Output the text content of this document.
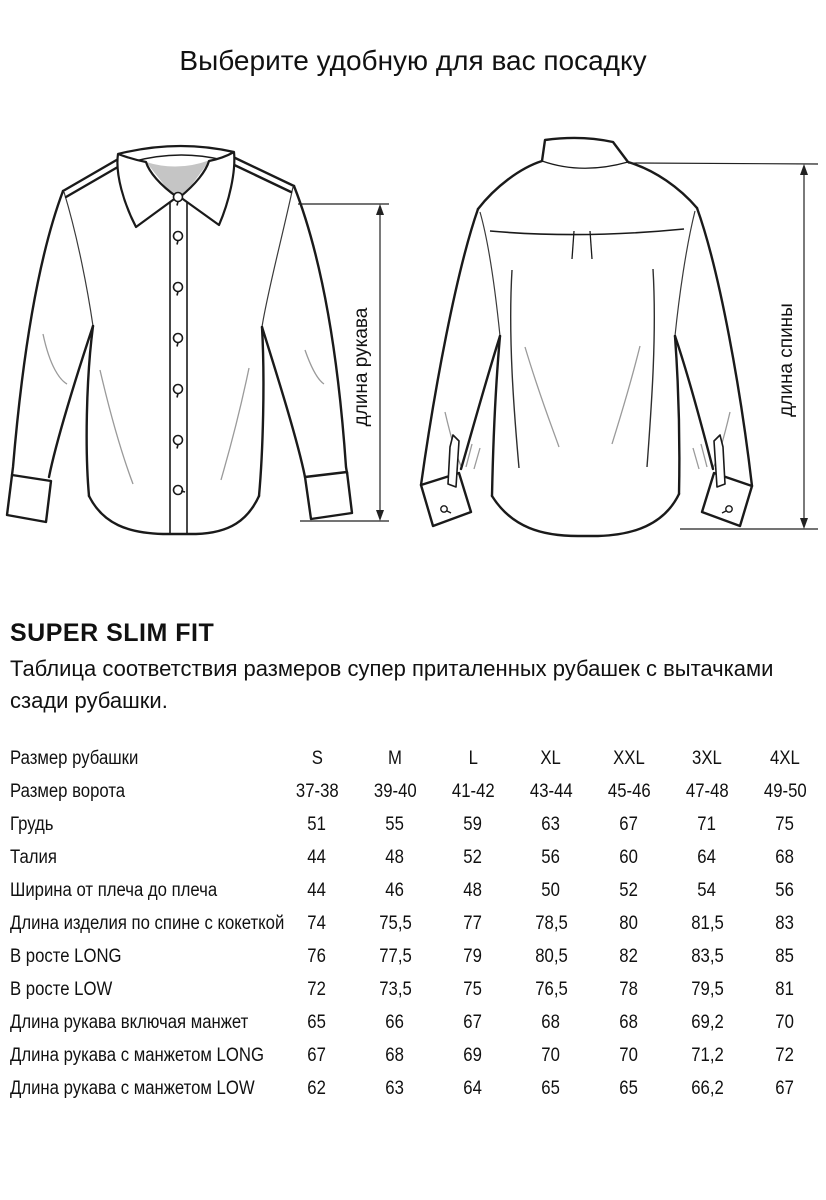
Выберите удобную для вас посадку
длина рукава	длина спины
SUPER SLIM FIT

Таблица соответствия размеров супер приталенных рубашек с вытачками сзади рубашки.

Размер рубашки	S	M	L	XL	XXL	3XL	4XL
Размер ворота	37-38	39-40	41-42	43-44	45-46	47-48	49-50
Грудь	51	55	59	63	67	71	75
Талия	44	48	52	56	60	64	68
Ширина от плеча до плеча	44	46	48	50	52	54	56
Длина изделия по спине с кокеткой	74	75,5	77	78,5	80	81,5	83
В росте LONG	76	77,5	79	80,5	82	83,5	85
В росте LOW	72	73,5	75	76,5	78	79,5	81
Длина рукава включая манжет	65	66	67	68	68	69,2	70
Длина рукава с манжетом LONG	67	68	69	70	70	71,2	72
Длина рукава с манжетом LOW	62	63	64	65	65	66,2	67
